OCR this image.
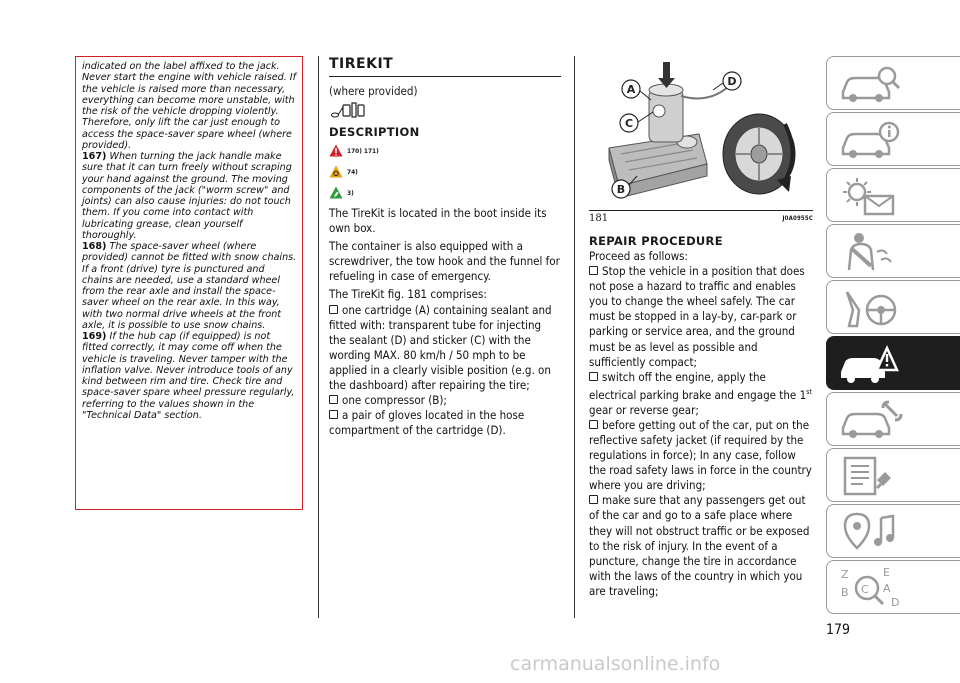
indicated on the label affixed to the jack. Never start the engine with vehicle raised. If the vehicle is raised more than necessary, everything can become more unstable, with the risk of the vehicle dropping violently. Therefore, only lift the car just enough to access the space-saver spare wheel (where provided).

167) When turning the jack handle make sure that it can turn freely without scraping your hand against the ground. The moving components of the jack ("worm screw" and joints) can also cause injuries: do not touch them. If you come into contact with lubricating grease, clean yourself thoroughly.

168) The space-saver wheel (where provided) cannot be fitted with snow chains. If a front (drive) tyre is punctured and chains are needed, use a standard wheel from the rear axle and install the space-saver wheel on the rear axle. In this way, with two normal drive wheels at the front axle, it is possible to use snow chains.

169) If the hub cap (if equipped) is not fitted correctly, it may come off when the vehicle is traveling. Never tamper with the inflation valve. Never introduce tools of any kind between rim and tire. Check tire and space-saver spare wheel pressure regularly, referring to the values shown in the "Technical Data" section.

TIREKIT
(where provided)
DESCRIPTION
170) 171)
74)
3)

The TireKit is located in the boot inside its own box.

The container is also equipped with a screwdriver, the tow hook and the funnel for refueling in case of emergency.

The TireKit fig. 181 comprises:

one cartridge (A) containing sealant and fitted with: transparent tube for injecting the sealant (D) and sticker (C) with the wording MAX. 80 km/h / 50 mph to be applied in a clearly visible position (e.g. on the dashboard) after repairing the tire;
one compressor (B);
a pair of gloves located in the hose compartment of the cartridge (D).
A
C
B
D
181	J0A0955C
REPAIR PROCEDURE

Proceed as follows:

Stop the vehicle in a position that does not pose a hazard to traffic and enables you to change the wheel safely. The car must be stopped in a lay-by, car-park or parking or service area, and the ground must be as level as possible and sufficiently compact;
switch off the engine, apply the electrical parking brake and engage the 1st gear or reverse gear;
before getting out of the car, put on the reflective safety jacket (if required by the regulations in force); In any case, follow the road safety laws in force in the country where you are driving;
make sure that any passengers get out of the car and go to a safe place where they will not obstruct traffic or be exposed to the risk of injury. In the event of a puncture, change the tire in accordance with the laws of the country in which you are traveling;
Z	E
B	A
C
D
179
carmanualsonline.info
